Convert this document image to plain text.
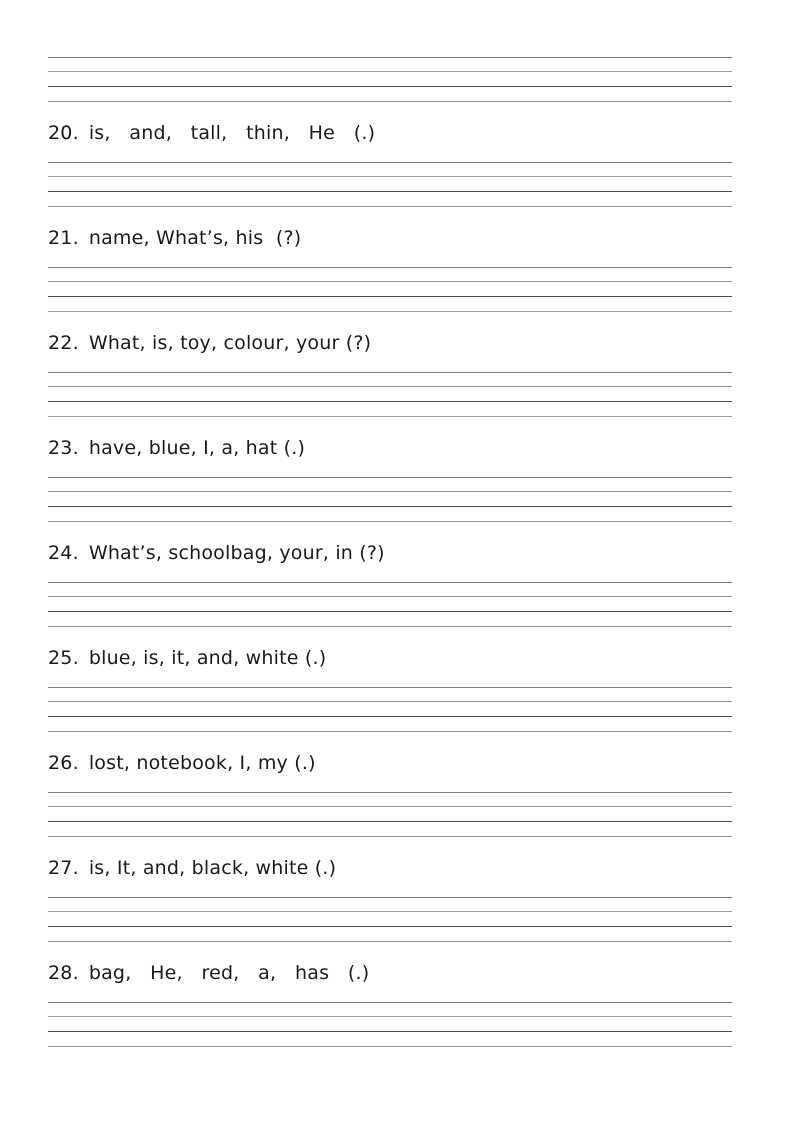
20. is,   and,   tall,   thin,   He   (.)
21. name, What’s, his  (?)
22. What, is, toy, colour, your (?)
23. have, blue, I, a, hat (.)
24. What’s, schoolbag, your, in (?)
25. blue, is, it, and, white (.)
26. lost, notebook, I, my (.)
27. is, It, and, black, white (.)
28. bag,   He,   red,   a,   has   (.)
